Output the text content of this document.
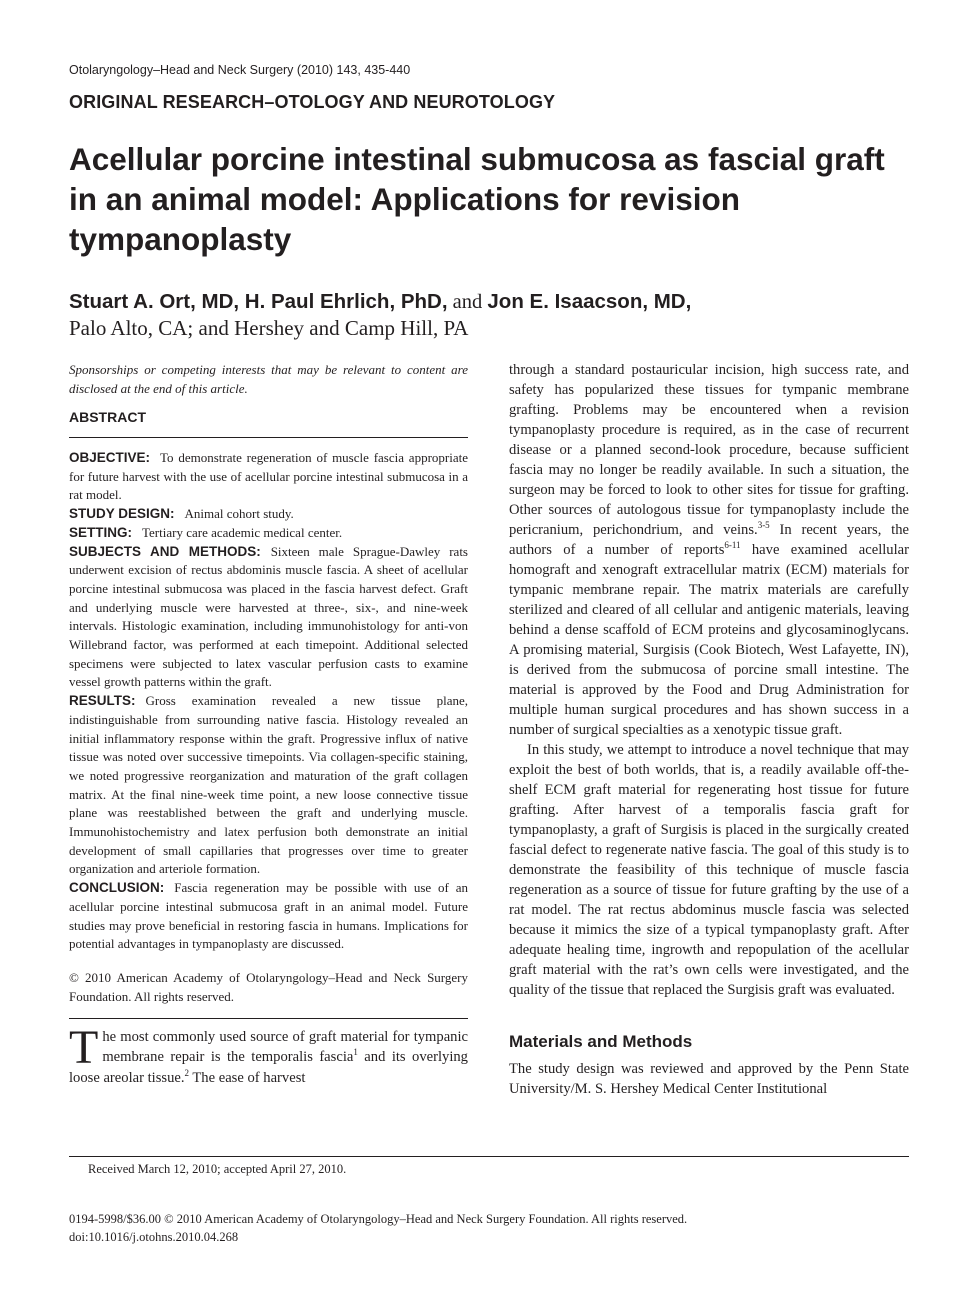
Otolaryngology–Head and Neck Surgery (2010) 143, 435-440
ORIGINAL RESEARCH–OTOLOGY AND NEUROTOLOGY
Acellular porcine intestinal submucosa as fascial graft in an animal model: Applications for revision tympanoplasty
Stuart A. Ort, MD, H. Paul Ehrlich, PhD, and Jon E. Isaacson, MD,
Palo Alto, CA; and Hershey and Camp Hill, PA

Sponsorships or competing interests that may be relevant to content are disclosed at the end of this article.

ABSTRACT

OBJECTIVE: To demonstrate regeneration of muscle fascia appropriate for future harvest with the use of acellular porcine intestinal submucosa in a rat model.

STUDY DESIGN: Animal cohort study.

SETTING: Tertiary care academic medical center.

SUBJECTS AND METHODS: Sixteen male Sprague-Dawley rats underwent excision of rectus abdominis muscle fascia. A sheet of acellular porcine intestinal submucosa was placed in the fascia harvest defect. Graft and underlying muscle were harvested at three-, six-, and nine-week intervals. Histologic examination, including immunohistology for anti-von Willebrand factor, was performed at each timepoint. Additional selected specimens were subjected to latex vascular perfusion casts to examine vessel growth patterns within the graft.

RESULTS: Gross examination revealed a new tissue plane, indistinguishable from surrounding native fascia. Histology revealed an initial inflammatory response within the graft. Progressive influx of native tissue was noted over successive timepoints. Via collagen-specific staining, we noted progressive reorganization and maturation of the graft collagen matrix. At the final nine-week time point, a new loose connective tissue plane was reestablished between the graft and underlying muscle. Immunohistochemistry and latex perfusion both demonstrate an initial development of small capillaries that progresses over time to greater organization and arteriole formation.

CONCLUSION: Fascia regeneration may be possible with use of an acellular porcine intestinal submucosa graft in an animal model. Future studies may prove beneficial in restoring fascia in humans. Implications for potential advantages in tympanoplasty are discussed.

© 2010 American Academy of Otolaryngology–Head and Neck Surgery Foundation. All rights reserved.

The most commonly used source of graft material for tympanic membrane repair is the temporalis fascia$^1$ and its overlying loose areolar tissue.$^2$ The ease of harvest

through a standard postauricular incision, high success rate, and safety has popularized these tissues for tympanic membrane grafting. Problems may be encountered when a revision tympanoplasty procedure is required, as in the case of recurrent disease or a planned second-look procedure, because sufficient fascia may no longer be readily available. In such a situation, the surgeon may be forced to look to other sites for tissue for grafting. Other sources of autologous tissue for tympanoplasty include the pericranium, perichondrium, and veins.$^{3-5}$ In recent years, the authors of a number of reports$^{6-11}$ have examined acellular homograft and xenograft extracellular matrix (ECM) materials for tympanic membrane repair. The matrix materials are carefully sterilized and cleared of all cellular and antigenic materials, leaving behind a dense scaffold of ECM proteins and glycosaminoglycans. A promising material, Surgisis (Cook Biotech, West Lafayette, IN), is derived from the submucosa of porcine small intestine. The material is approved by the Food and Drug Administration for multiple human surgical procedures and has shown success in a number of surgical specialties as a xenotypic tissue graft.

In this study, we attempt to introduce a novel technique that may exploit the best of both worlds, that is, a readily available off-the-shelf ECM graft material for regenerating host tissue for future grafting. After harvest of a temporalis fascia graft for tympanoplasty, a graft of Surgisis is placed in the surgically created fascial defect to regenerate native fascia. The goal of this study is to demonstrate the feasibility of this technique of muscle fascia regeneration as a source of tissue for future grafting by the use of a rat model. The rat rectus abdominus muscle fascia was selected because it mimics the size of a typical tympanoplasty graft. After adequate healing time, ingrowth and repopulation of the acellular graft material with the rat’s own cells were investigated, and the quality of the tissue that replaced the Surgisis graft was evaluated.

Materials and Methods

The study design was reviewed and approved by the Penn State University/M. S. Hershey Medical Center Institutional

Received March 12, 2010; accepted April 27, 2010.
0194-5998/$36.00 © 2010 American Academy of Otolaryngology–Head and Neck Surgery Foundation. All rights reserved.
doi:10.1016/j.otohns.2010.04.268
